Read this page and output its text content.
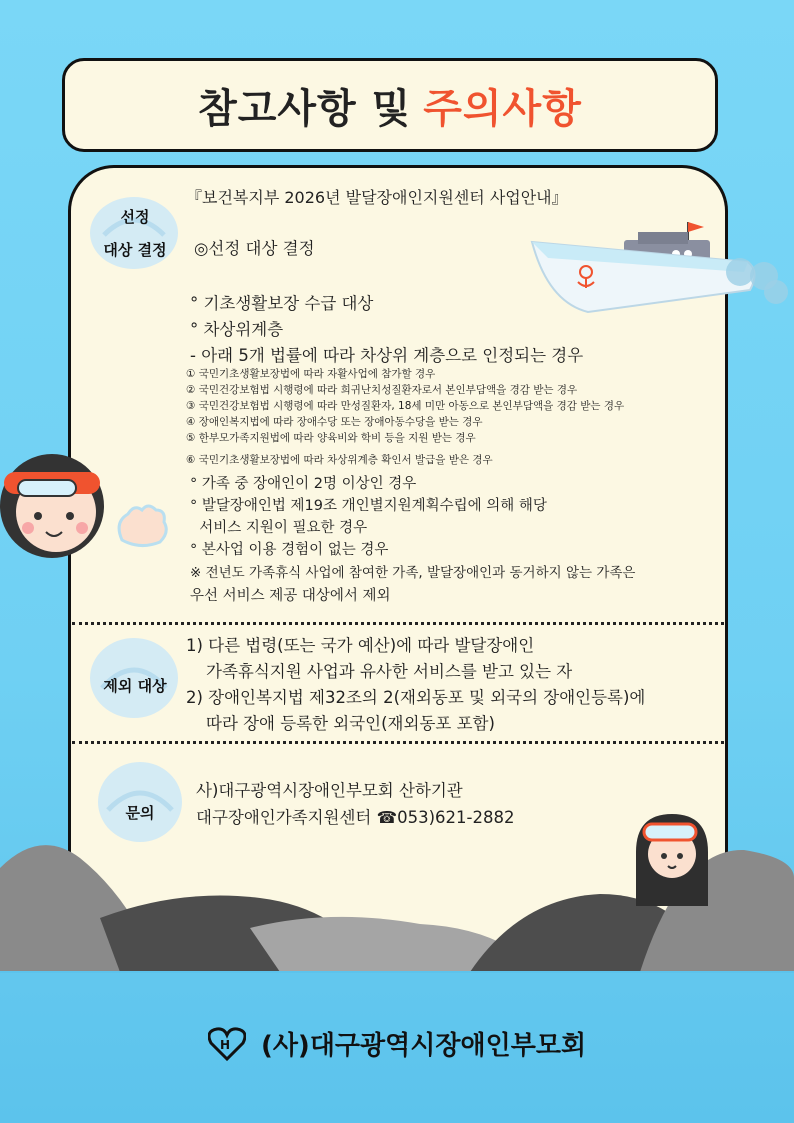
참고사항 및 주의사항
선정
대상 결정
『보건복지부 2026년 발달장애인지원센터 사업안내』
◎선정 대상 결정
° 기초생활보장 수급 대상
° 차상위계층
- 아래 5개 법률에 따라 차상위 계층으로 인정되는 경우
① 국민기초생활보장법에 따라 자활사업에 참가할 경우
② 국민건강보험법 시행령에 따라 희귀난치성질환자로서 본인부담액을 경감 받는 경우
③ 국민건강보험법 시행령에 따라 만성질환자, 18세 미만 아동으로 본인부담액을 경감 받는 경우
④ 장애인복지법에 따라 장애수당 또는 장애아동수당을 받는 경우
⑤ 한부모가족지원법에 따라 양육비와 학비 등을 지원 받는 경우
⑥ 국민기초생활보장법에 따라 차상위계층 확인서 발급을 받은 경우
° 가족 중 장애인이 2명 이상인 경우
° 발달장애인법 제19조 개인별지원계획수립에 의해 해당
서비스 지원이 필요한 경우
° 본사업 이용 경험이 없는 경우
※ 전년도 가족휴식 사업에 참여한 가족, 발달장애인과 동거하지 않는 가족은
우선 서비스 제공 대상에서 제외
제외 대상
1) 다른 법령(또는 국가 예산)에 따라 발달장애인
가족휴식지원 사업과 유사한 서비스를 받고 있는 자
2) 장애인복지법 제32조의 2(재외동포 및 외국의 장애인등록)에
따라 장애 등록한 외국인(재외동포 포함)
문의
사)대구광역시장애인부모회 산하기관
대구장애인가족지원센터 ☎053)621-2882
H (사)대구광역시장애인부모회
